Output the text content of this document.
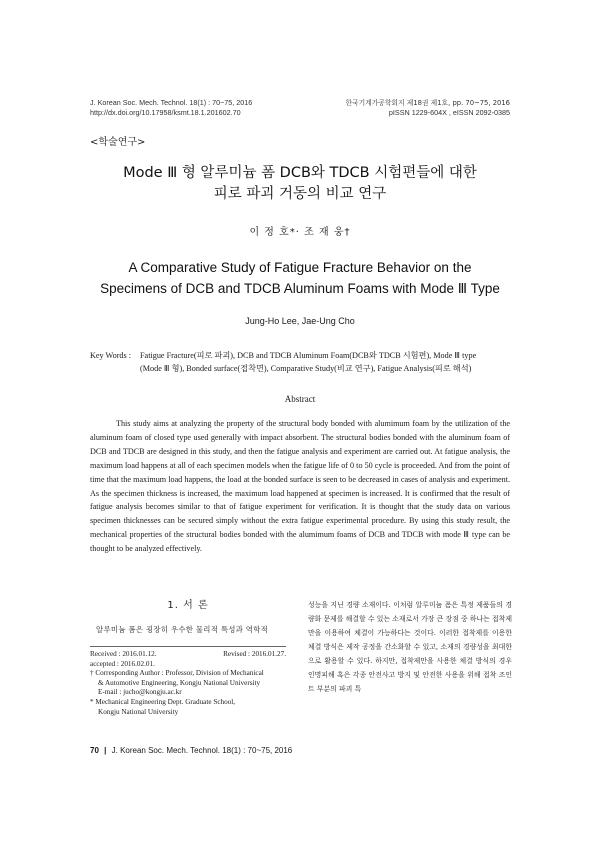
J. Korean Soc. Mech. Technol. 18(1) : 70~75, 2016
http://dx.doi.org/10.17958/ksmt.18.1.201602.70
한국기계가공학회지 제18권 제1호, pp. 70~75, 2016
pISSN 1229-604X , eISSN 2092-0385
<학술연구>
Mode Ⅲ 형 알루미늄 폼 DCB와 TDCB 시험편들에 대한
피로 파괴 거동의 비교 연구
이 정 호*· 조 재 웅†
A Comparative Study of Fatigue Fracture Behavior on the
Specimens of DCB and TDCB Aluminum Foams with Mode Ⅲ Type
Jung-Ho Lee, Jae-Ung Cho
Key Words : Fatigue Fracture(피로 파괴), DCB and TDCB Aluminum Foam(DCB와 TDCB 시험편), Mode Ⅲ type
(Mode Ⅲ 형), Bonded surface(접착면), Comparative Study(비교 연구), Fatigue Analysis(피로 해석)
Abstract

This study aims at analyzing the property of the structural body bonded with alumimum foam by the utilization of the aluminum foam of closed type used generally with impact absorbent. The structural bodies bonded with the aluminum foam of DCB and TDCB are designed in this study, and then the fatigue analysis and experiment are carried out. At fatigue analysis, the maximum load happens at all of each specimen models when the fatigue life of 0 to 50 cycle is proceeded. And from the point of time that the maximum load happens, the load at the bonded surface is seen to be decreased in cases of analysis and experiment. As the specimen thickness is increased, the maximum load happened at specimen is increased. It is confirmed that the result of fatigue analysis becomes similar to that of fatigue experiment for verification. It is thought that the study data on various specimen thicknesses can be secured simply without the extra fatigue experimental procedure. By using this study result, the mechanical properties of the structural bodies bonded with the alumimum foams of DCB and TDCB with mode Ⅲ type can be thought to be analyzed effectively.

1. 서 론
알루미늄 폼은 굉장히 우수한 물리적 특성과 역학적
Received : 2016.01.12.	Revised : 2016.01.27.
accepted : 2016.02.01.
† Corresponding Author : Professor, Division of Mechanical
& Automotive Engineering, Kongju National University
E-mail : jucho@kongju.ac.kr
* Mechanical Engineering Dept. Graduate School,
Kongju National University

성능을 지닌 경량 소재이다. 이처럼 알루미늄 폼은 특정 제품들의 경량화 문제를 해결할 수 있는 소재로서 가장 큰 장점 중 하나는 접착제만을 이용하여 체결이 가능하다는 것이다. 이러한 접착제를 이용한 체결 방식은 제작 공정을 간소화할 수 있고, 소재의 경량성을 최대한으로 활용할 수 있다. 하지만, 접착제만을 사용한 체결 방식의 경우 인명피해 혹은 각종 안전사고 방지 및 안전한 사용을 위해 접착 조인트 부분의 파괴 특

70 | J. Korean Soc. Mech. Technol. 18(1) : 70~75, 2016
